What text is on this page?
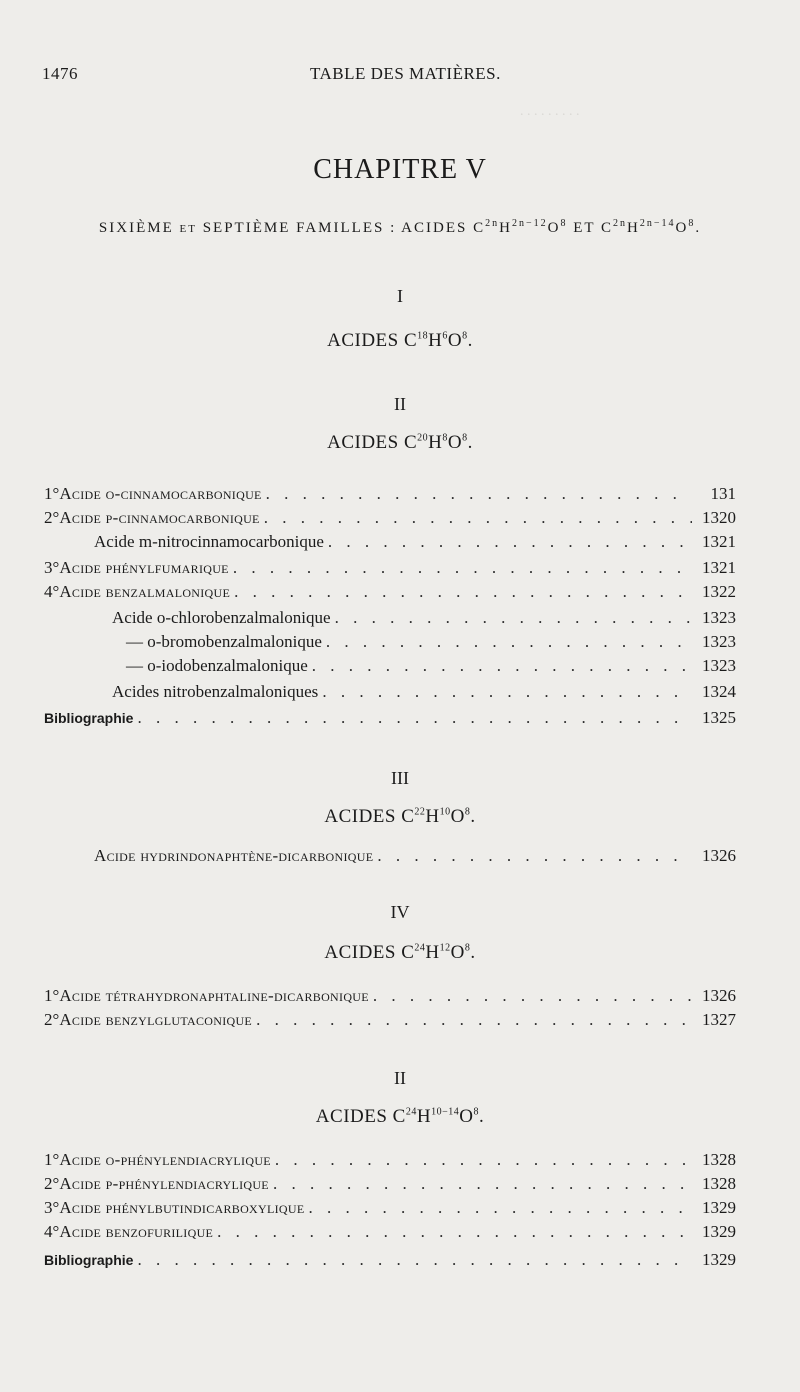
. . . . . . . . .
1476	TABLE DES MATIÈRES.
CHAPITRE V
SIXIÈME ET SEPTIÈME FAMILLES : ACIDES $C^{2n}H^{2n-12}O^8$ ET $C^{2n}H^{2n-14}O^8$.
I
ACIDES $C^{18}H^6O^8$.
II
ACIDES $C^{20}H^8O^8$.
1° Acide o-cinnamocarbonique . . .	131
2° Acide p-cinnamocarbonique . . .	1320
Acide m-nitrocinnamocarbonique . . .	1321
3° Acide phénylfumarique . . .	1321
4° Acide benzalmalonique . . .	1322
Acide o-chlorobenzalmalonique . . .	1323
— o-bromobenzalmalonique . . .	1323
— o-iodobenzalmalonique . . .	1323
Acides nitrobenzalmaloniques . . .	1324
Bibliographie . . .	1325
III
ACIDES $C^{22}H^{10}O^8$.
Acide hydrindonaphtène-dicarbonique . . .	1326
IV
ACIDES $C^{24}H^{12}O^8$.
1° Acide tétrahydronaphtaline-dicarbonique . . .	1326
2° Acide benzylglutaconique . . .	1327
II
ACIDES $C^{24}H^{10-14}O^8$.
1° Acide o-phénylendiacrylique . . .	1328
2° Acide p-phénylendiacrylique . . .	1328
3° Acide phénylbutindicarboxylique . . .	1329
4° Acide benzofurilique . . .	1329
Bibliographie . . .	1329
